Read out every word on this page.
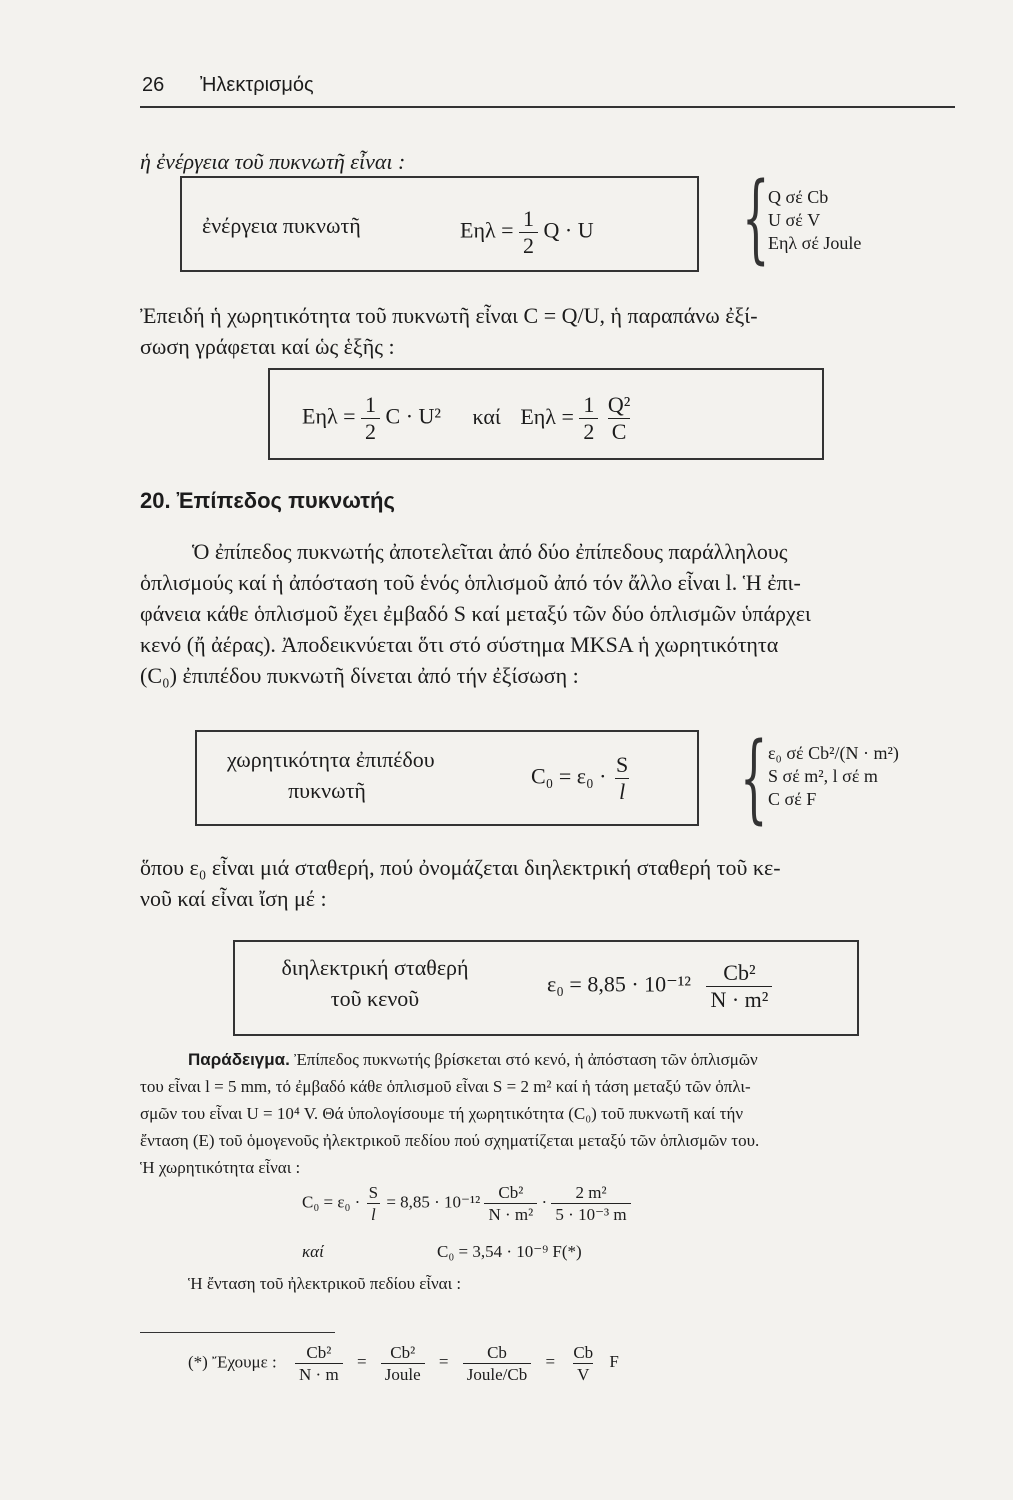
26 Ἠλεκτρισμός
ἡ ἐνέργεια τοῦ πυκνωτῆ εἶναι :
ἐνέργεια πυκνωτῆ	$E\eta\lambda = \frac{1}{2}$ Q · U {
Q σέ Cb
U σέ V
Eηλ σέ Joule
Ἐπειδή ἡ χωρητικότητα τοῦ πυκνωτῆ εἶναι C = Q/U, ἡ παραπάνω ἐξί-
σωση γράφεται καί ὡς ἑξῆς :
$E\eta\lambda = \frac{1}{2}$ C · U² καί $E\eta\lambda = \frac{1}{2}$
$\frac{\text{Q²}}{C}$
20. Ἐπίπεδος πυκνωτής
Ὁ ἐπίπεδος πυκνωτής ἀποτελεῖται ἀπό δύο ἐπίπεδους παράλληλους
ὁπλισμούς καί ἡ ἀπόσταση τοῦ ἑνός ὁπλισμοῦ ἀπό τόν ἄλλο εἶναι l. Ἡ ἐπι-
φάνεια κάθε ὁπλισμοῦ ἔχει ἐμβαδό S καί μεταξύ τῶν δύο ὁπλισμῶν ὑπάρχει
κενό (ἤ ἀέρας). Ἀποδεικνύεται ὅτι στό σύστημα MKSA ἡ χωρητικότητα
(C₀) ἐπιπέδου πυκνωτῆ δίνεται ἀπό τήν ἐξίσωση :
χωρητικότητα ἐπιπέδου
πυκνωτῆ
$C_0 = \varepsilon_0 \cdot \frac{S}{l}$ { ε₀ σέ Cb²/(N · m²)
S σέ m², l σέ m
C σέ F
ὅπου ε₀ εἶναι μιά σταθερή, πού ὀνομάζεται διηλεκτρική σταθερή τοῦ κε-
νοῦ καί εἶναι ἴση μέ :
διηλεκτρική σταθερή
τοῦ κενοῦ
$\varepsilon_0 = 8,85 \cdot 10^{-12} \frac{\text{Cb²}}{\text{N · m²}}$
Παράδειγμα. Ἐπίπεδος πυκνωτής βρίσκεται στό κενό, ἡ ἀπόσταση τῶν ὁπλισμῶν
του εἶναι l = 5 mm, τό ἐμβαδό κάθε ὁπλισμοῦ εἶναι S = 2 m² καί ἡ τάση μεταξύ τῶν ὁπλι-
σμῶν του εἶναι U = 10⁴ V. Θά ὑπολογίσουμε τή χωρητικότητα (C₀) τοῦ πυκνωτῆ καί τήν
ἔνταση (E) τοῦ ὁμογενοῦς ἠλεκτρικοῦ πεδίου πού σχηματίζεται μεταξύ τῶν ὁπλισμῶν του.
Ἡ χωρητικότητα εἶναι :
$C_0 = \varepsilon_0 \cdot \frac{S}{l} = 8,85 \cdot 10^{-12} \frac{\text{Cb²}}{\text{N · m²}} \cdot \frac{\text{2 m²}}{\text{5 · 10⁻³ m}}$
καί	C₀ = 3,54 · 10⁻⁹ F(*)
Ἡ ἔνταση τοῦ ἠλεκτρικοῦ πεδίου εἶναι :
(*) Ἔχουμε : $\frac{\text{Cb²}}{N \cdot m} = \frac{\text{Cb²}}{\text{Joule}} = \frac{Cb}{\text{Joule/Cb}} = \frac{Cb}{V}$ F
